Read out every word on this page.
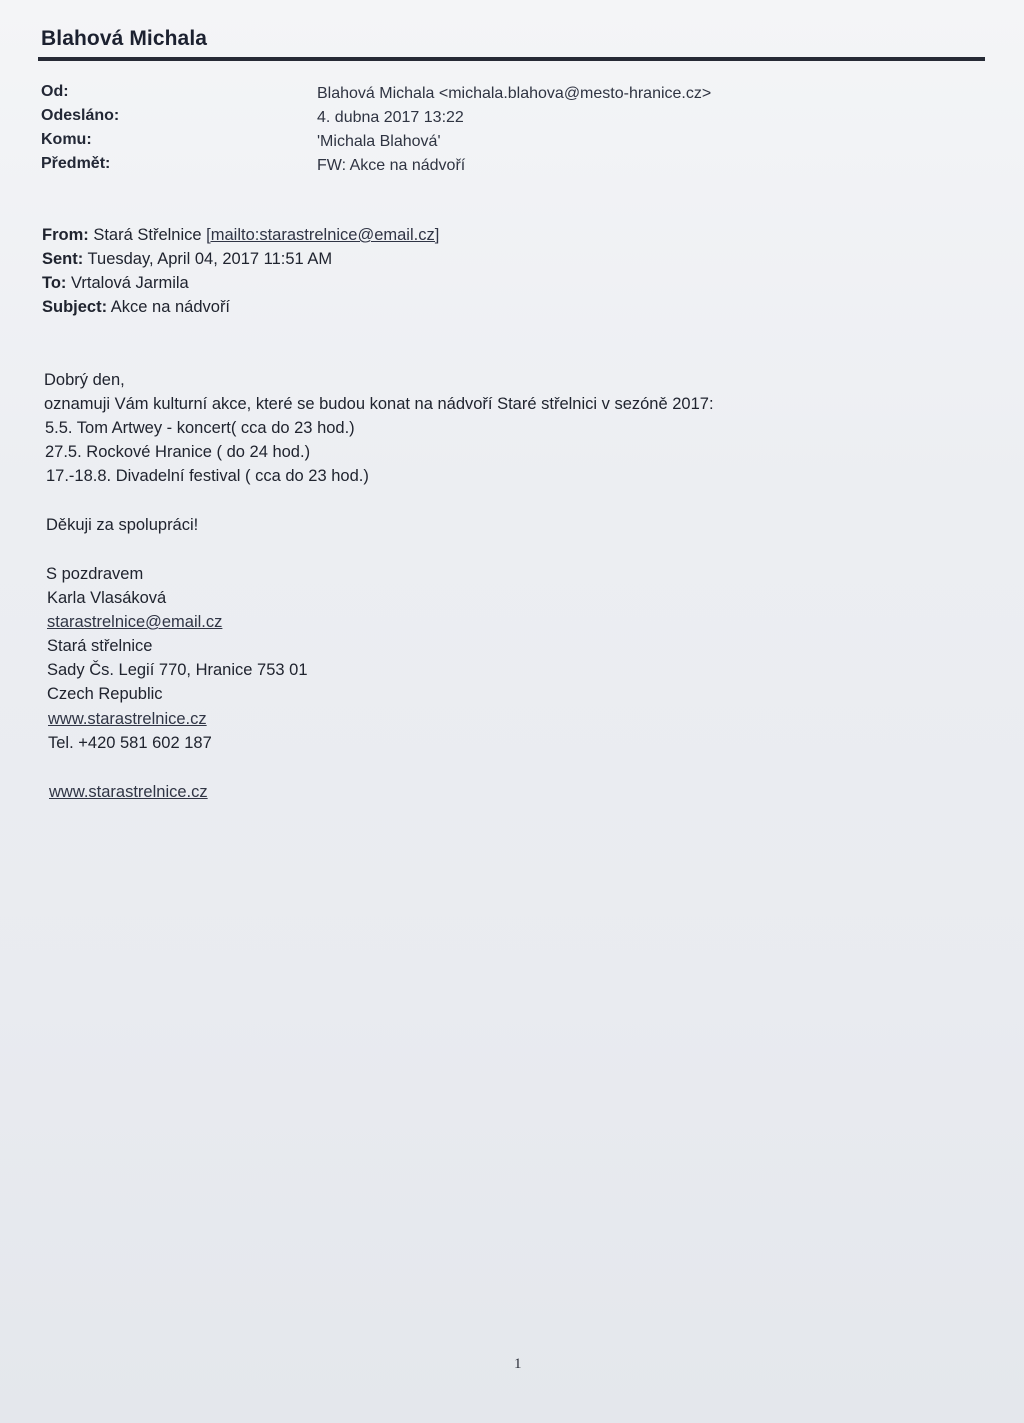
Blahová Michala
Od:
Odesláno:
Komu:
Předmět:
Blahová Michala <michala.blahova@mesto-hranice.cz>
4. dubna 2017 13:22
'Michala Blahová'
FW: Akce na nádvoří
From: Stará Střelnice [mailto:starastrelnice@email.cz]
Sent: Tuesday, April 04, 2017 11:51 AM
To: Vrtalová Jarmila
Subject: Akce na nádvoří
Dobrý den,
oznamuji Vám kulturní akce, které se budou konat na nádvoří Staré střelnici v sezóně 2017:
5.5. Tom Artwey - koncert( cca do 23 hod.)
27.5. Rockové Hranice ( do 24 hod.)
17.-18.8. Divadelní festival ( cca do 23 hod.)
Děkuji za spolupráci!
S pozdravem
Karla Vlasáková
starastrelnice@email.cz
Stará střelnice
Sady Čs. Legií 770, Hranice 753 01
Czech Republic
www.starastrelnice.cz
Tel. +420 581 602 187
www.starastrelnice.cz
1
